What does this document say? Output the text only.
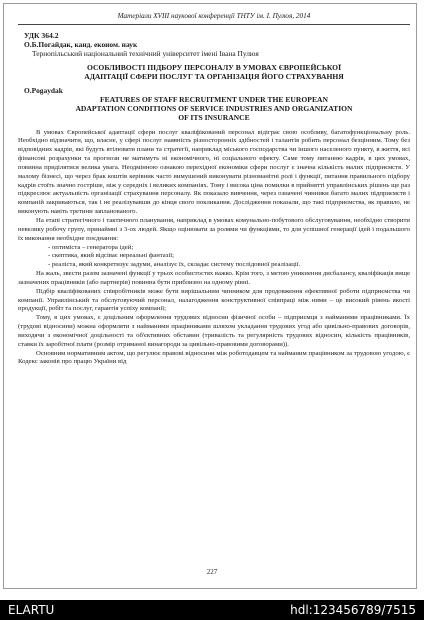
Матеріали XVIII наукової конференції ТНТУ ім. І. Пулюя, 2014
УДК 364.2
О.Б.Погайдак, канд. економ. наук
Тернопільський національний технічний університет імені Івана Пулюя
ОСОБЛИВОСТІ ПІДБОРУ ПЕРСОНАЛУ В УМОВАХ ЄВРОПЕЙСЬКОЇ
АДАПТАЦІЇ СФЕРИ ПОСЛУГ ТА ОРГАНІЗАЦІЯ ЙОГО СТРАХУВАННЯ
O.Pogaydak
FEATURES OF STAFF RECRUITMENT UNDER THE EUROPEAN
ADAPTATION CONDITIONS OF SERVICE INDUSTRIES AND ORGANIZATION
OF ITS INSURANCE

В умовах Європейської адаптації сфери послуг кваліфікований персонал відіграє свою особливу, багатофункціональну роль. Необхідно відзначити, що, власне, у сфері послуг наявність різносторонніх здібностей і талантів робить персонал безцінним. Тому без відповідних кадрів, які будуть втілювати плани та стратегії, наприклад міського господарства чи іншого населеного пункту, в життя, всі фінансові розрахунки та прогнози не матимуть ні економічного, ні соціального ефекту. Саме тому питанню кадрів, в цих умовах, повинна приділятися велика увага. Неодмінною ознакою перехідної економіки сфери послуг є значна кількість малих підприємств. У малому бізнесі, що через брак коштів керівник часто вимушений виконувати різноманітні ролі і функції, питання правильного підбору кадрів стоїть значно гостріше, ніж у середніх і великих компаніях. Тому і висока ціна помилки в прийнятті управлінських рішень ще раз підкреслює актуальність організації страхування персоналу. Як показало вивчення, через означені чинники багато малих підприємств і компаній закриваються, так і не реалізувавши до кінця свого покликання. Дослідження показали, що такі підприємства, як правило, не виконують навіть третини запланованого.

На етапі стратегічного і тактичного планування, наприклад в умовах комунально-побутового обслуговування, необхідно створити невелику робочу групу, принаймні з 3-ох людей. Якщо оцінювати за ролями чи функціями, то для успішної генерації ідей і подальшого їх виконання необхідне поєднання:

- оптиміста – генератора ідей;
- скептика, який відсіває нереальні фантазії;
- реаліста, який конкретизує задуми, аналізує їх, складає систему послідовної реалізації.

На жаль, звести разом зазначені функції у трьох особистостях важко. Крім того, з метою уникнення дисбалансу, кваліфікація вище зазначених працівників (або партнерів) повинна бути приблизно на одному рівні.

Підбір кваліфікованих співробітників може бути вирішальним чинником для продовження ефективної роботи підприємства чи компанії. Управлінський та обслуговуючий персонал, налагодження конструктивної співпраці між ними – це високий рівень якості продукції, робіт та послуг, гарантія успіху компанії;

Тому, в цих умовах, є доцільним оформлення трудових відносин фізичної особи – підприємця з найманими працівниками. Їх (трудові відносини) можна оформляти з найманими працівниками шляхом укладання трудових угод або цивільно-правових договорів, виходячи з економічної доцільності та об'єктивних обставин (тривалість та регулярність трудових відносин, кількість працівників, ставки їх заробітної плати (розмір отриманої винагороди за цивільно-правовими договорами)).

Основним нормативним актом, що регулює правові відносини між роботодавцем та найманим працівником за трудовою угодою, є Кодекс законів про працю України від

227
ELARTU	hdl:123456789/7515
